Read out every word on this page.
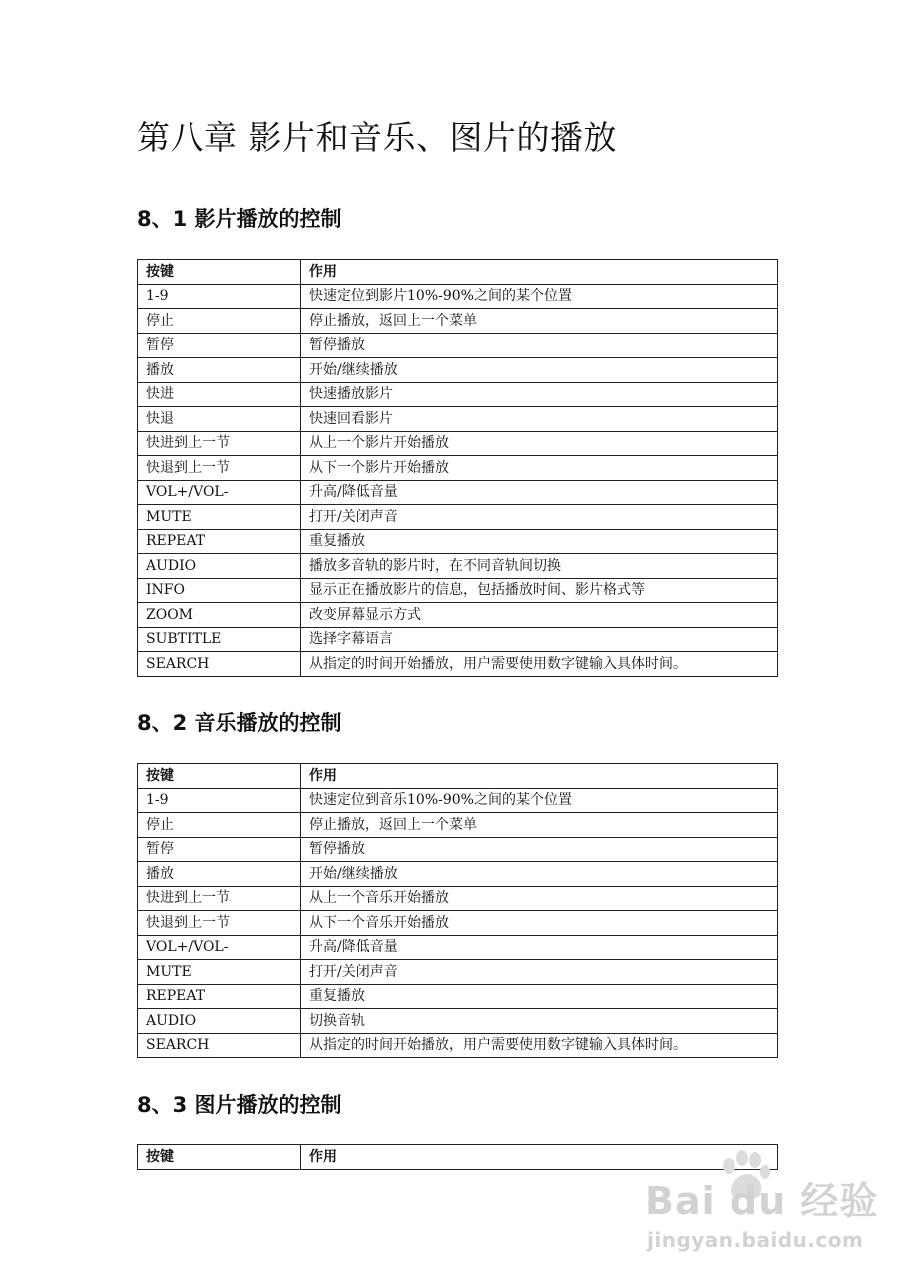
第八章 影片和音乐、图片的播放
8、1 影片播放的控制
按键	作用
1-9	快速定位到影片10%-90%之间的某个位置
停止	停止播放，返回上一个菜单
暂停	暂停播放
播放	开始/继续播放
快进	快速播放影片
快退	快速回看影片
快进到上一节	从上一个影片开始播放
快退到上一节	从下一个影片开始播放
VOL+/VOL-	升高/降低音量
MUTE	打开/关闭声音
REPEAT	重复播放
AUDIO	播放多音轨的影片时，在不同音轨间切换
INFO	显示正在播放影片的信息，包括播放时间、影片格式等
ZOOM	改变屏幕显示方式
SUBTITLE	选择字幕语言
SEARCH	从指定的时间开始播放，用户需要使用数字键输入具体时间。
8、2 音乐播放的控制
按键	作用
1-9	快速定位到音乐10%-90%之间的某个位置
停止	停止播放，返回上一个菜单
暂停	暂停播放
播放	开始/继续播放
快进到上一节	从上一个音乐开始播放
快退到上一节	从下一个音乐开始播放
VOL+/VOL-	升高/降低音量
MUTE	打开/关闭声音
REPEAT	重复播放
AUDIO	切换音轨
SEARCH	从指定的时间开始播放，用户需要使用数字键输入具体时间。
8、3 图片播放的控制
按键	作用
Bai du 经验
jingyan.baidu.com
